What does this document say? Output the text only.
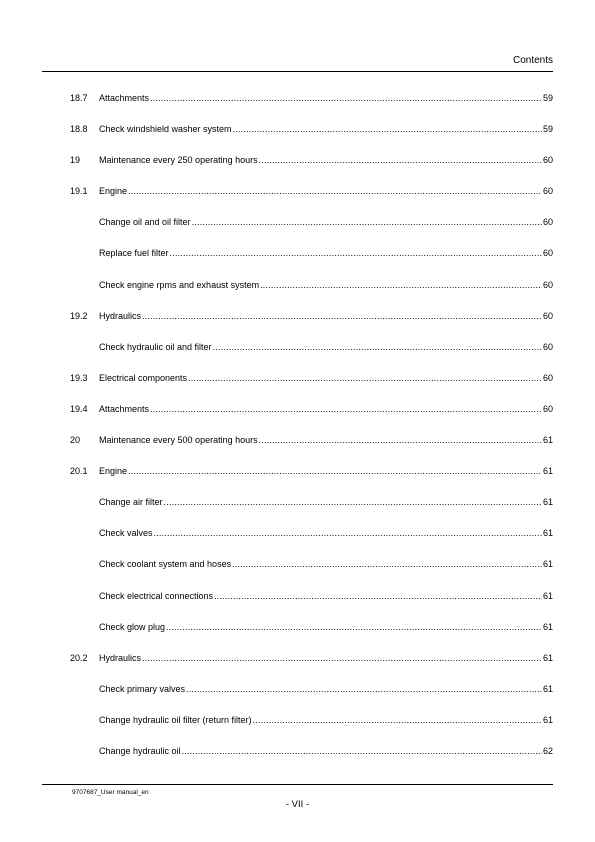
Contents
18.7	Attachments .....	59
18.8	Check windshield washer system .....	59
19	Maintenance every 250 operating hours .....	60
19.1	Engine .....	60
Change oil and oil filter .....	60
Replace fuel filter .....	60
Check engine rpms and exhaust system .....	60
19.2	Hydraulics .....	60
Check hydraulic oil and filter .....	60
19.3	Electrical components .....	60
19.4	Attachments .....	60
20	Maintenance every 500 operating hours .....	61
20.1	Engine .....	61
Change air filter .....	61
Check valves .....	61
Check coolant system and hoses .....	61
Check electrical connections .....	61
Check glow plug .....	61
20.2	Hydraulics .....	61
Check primary valves .....	61
Change hydraulic oil filter (return filter) .....	61
Change hydraulic oil .....	62
9707687_User manual_en
- VII -
